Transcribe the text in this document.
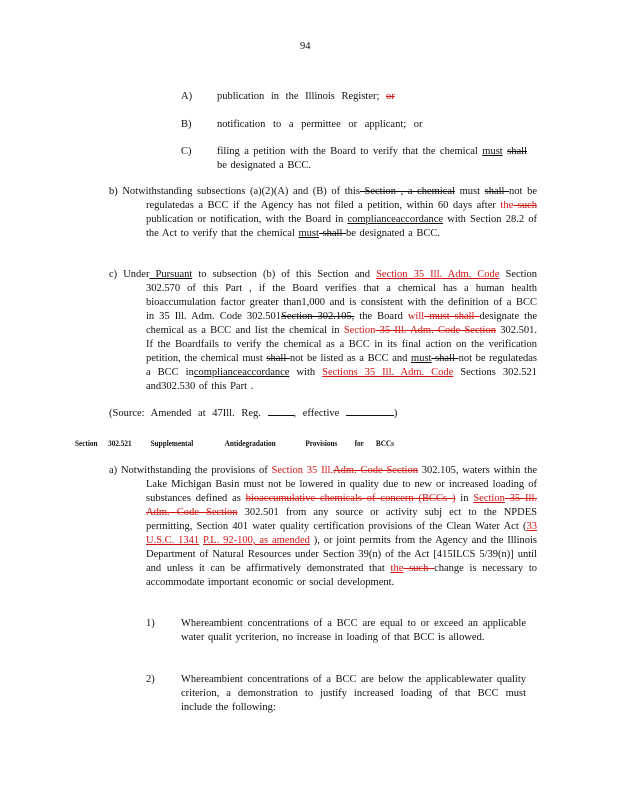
94
A) publication in the Illinois Register; or
B) notification to a permittee or applicant; or
C) filing a petition with the Board to verify that the chemical must shall be designated a BCC.
b) Notwithstanding subsections (a)(2)(A) and (B) of this Section , a chemical must shall not be regulatedas a BCC if the Agency has not filed a petition, within 60 days after the such publication or notification, with the Board in complianceaccordance with Section 28.2 of the Act to verify that the chemical must shall be designated a BCC.
c) Under Pursuant to subsection (b) of this Section and Section 35 Ill. Adm. Code Section 302.570 of this Part , if the Board verifies that a chemical has a human health bioaccumulation factor greater than1,000 and is consistent with the definition of a BCC in 35 Ill. Adm. Code 302.501Section 302.105, the Board will must shall designate the chemical as a BCC and list the chemical in Section 35 Ill. Adm. Code Section 302.501. If the Boardfails to verify the chemical as a BCC in its final action on the verification petition, the chemical must shall not be listed as a BCC and must shall not be regulatedas a BCC incomplianceaccordance with Sections 35 Ill. Adm. Code Sections 302.521 and302.530 of this Part .
(Source: Amended at 47Ill. Reg. , effective	)
Section 302.521 Supplemental	Antidegradation	Provisions for BCCs
a) Notwithstanding the provisions of Section 35 Ill.Adm. Code Section 302.105, waters within the Lake Michigan Basin must not be lowered in quality due to new or increased loading of substances defined as bioaccumulative chemicals of concern (BCCs ) in Section 35 Ill. Adm. Code Section 302.501 from any source or activity subj ect to the NPDES permitting, Section 401 water quality certification provisions of the Clean Water Act (33 U.S.C. 1341 P.L. 92-100, as amended ), or joint permits from the Agency and the Illinois Department of Natural Resources under Section 39(n) of the Act [415ILCS 5/39(n)] until and unless it can be affirmatively demonstrated that the such change is necessary to accommodate important economic or social development.
1)	Whereambient concentrations of a BCC are equal to or exceed an applicable water qualit ycriterion, no increase in loading of that BCC is allowed.
2)	Whereambient concentrations of a BCC are below the applicablewater quality criterion, a demonstration to justify increased loading of that BCC must include the following:
